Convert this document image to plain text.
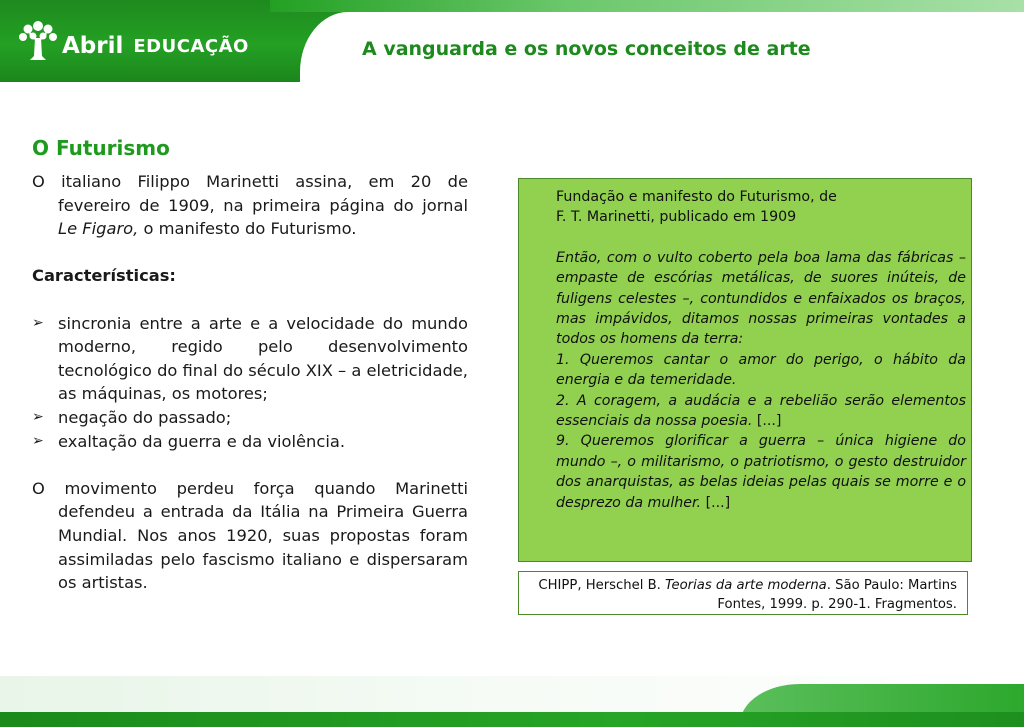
Abril EDUCAÇÃO	A vanguarda e os novos conceitos de arte
O Futurismo

O italiano Filippo Marinetti assina, em 20 de fevereiro de 1909, na primeira página do jornal Le Figaro, o manifesto do Futurismo.

Características:

➢ sincronia entre a arte e a velocidade do mundo moderno, regido pelo desenvolvimento tecnológico do final do século XIX – a eletricidade, as máquinas, os motores;
➢ negação do passado;
➢ exaltação da guerra e da violência.

O movimento perdeu força quando Marinetti defendeu a entrada da Itália na Primeira Guerra Mundial. Nos anos 1920, suas propostas foram assimiladas pelo fascismo italiano e dispersaram os artistas.

Fundação e manifesto do Futurismo, de

F. T. Marinetti, publicado em 1909

Então, com o vulto coberto pela boa lama das fábricas – empaste de escórias metálicas, de suores inúteis, de fuligens celestes –, contundidos e enfaixados os braços, mas impávidos, ditamos nossas primeiras vontades a todos os homens da terra:

1. Queremos cantar o amor do perigo, o hábito da energia e da temeridade.

2. A coragem, a audácia e a rebelião serão elementos essenciais da nossa poesia. [...]

9. Queremos glorificar a guerra – única higiene do mundo –, o militarismo, o patriotismo, o gesto destruidor dos anarquistas, as belas ideias pelas quais se morre e o desprezo da mulher. [...]

CHIPP, Herschel B. Teorias da arte moderna. São Paulo: Martins Fontes, 1999. p. 290-1. Fragmentos.
